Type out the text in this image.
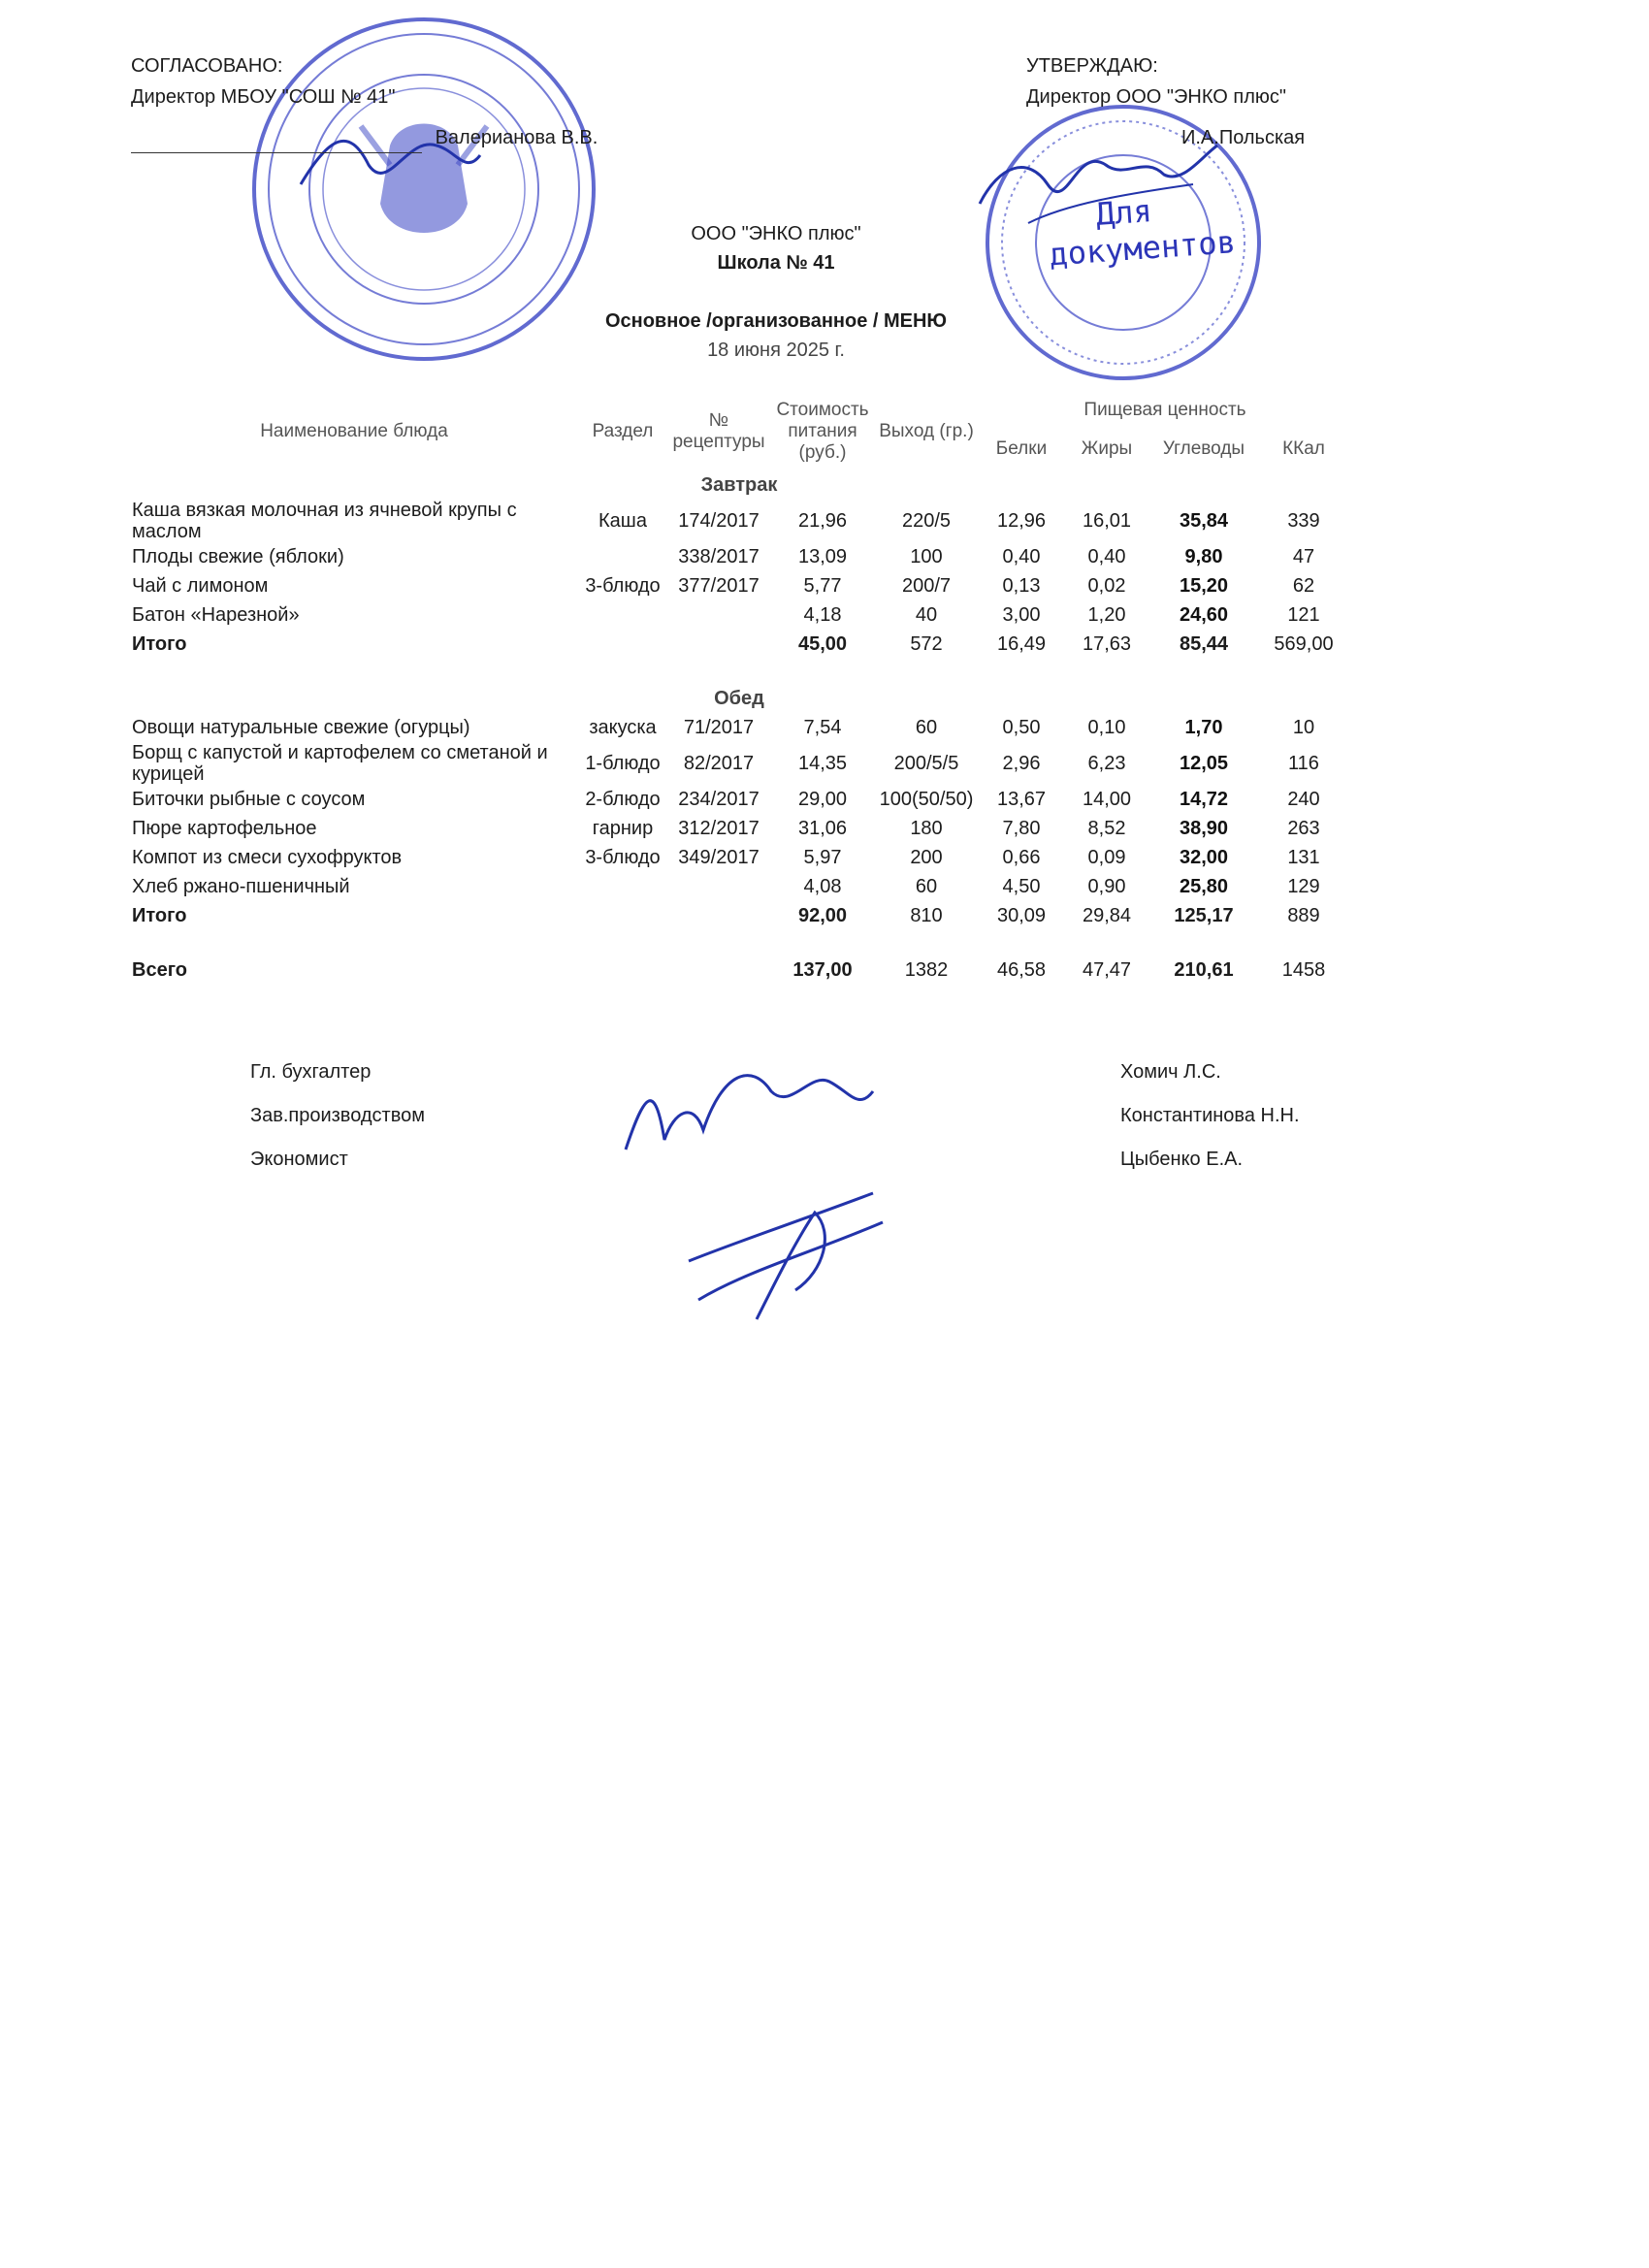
Для документов
СОГЛАСОВАНО:
Директор МБОУ "СОШ № 41"
Валерианова В.В.
УТВЕРЖДАЮ:
Директор ООО "ЭНКО плюс"
И.А.Польская
ООО "ЭНКО плюс"
Школа № 41
Основное /организованное / МЕНЮ
18 июня 2025 г.
Наименование блюда	Раздел	№ рецептуры	Стоимость питания (руб.)	Выход (гр.)	Пищевая ценность			
					Белки	Жиры	Углеводы	ККал
Завтрак								
Каша вязкая молочная из ячневой крупы с маслом	Каша	174/2017	21,96	220/5	12,96	16,01	35,84	339
Плоды свежие (яблоки)		338/2017	13,09	100	0,40	0,40	9,80	47
Чай с лимоном	3-блюдо	377/2017	5,77	200/7	0,13	0,02	15,20	62
Батон «Нарезной»			4,18	40	3,00	1,20	24,60	121
Итого			45,00	572	16,49	17,63	85,44	569,00

Обед								
Овощи натуральные свежие (огурцы)	закуска	71/2017	7,54	60	0,50	0,10	1,70	10
Борщ с капустой и картофелем со сметаной и курицей	1-блюдо	82/2017	14,35	200/5/5	2,96	6,23	12,05	116
Биточки рыбные с соусом	2-блюдо	234/2017	29,00	100(50/50)	13,67	14,00	14,72	240
Пюре картофельное	гарнир	312/2017	31,06	180	7,80	8,52	38,90	263
Компот из смеси сухофруктов	3-блюдо	349/2017	5,97	200	0,66	0,09	32,00	131
Хлеб ржано-пшеничный			4,08	60	4,50	0,90	25,80	129
Итого			92,00	810	30,09	29,84	125,17	889

Всего			137,00	1382	46,58	47,47	210,61	1458
Гл. бухгалтер
Зав.производством
Экономист
Хомич Л.С.
Константинова Н.Н.
Цыбенко Е.А.
